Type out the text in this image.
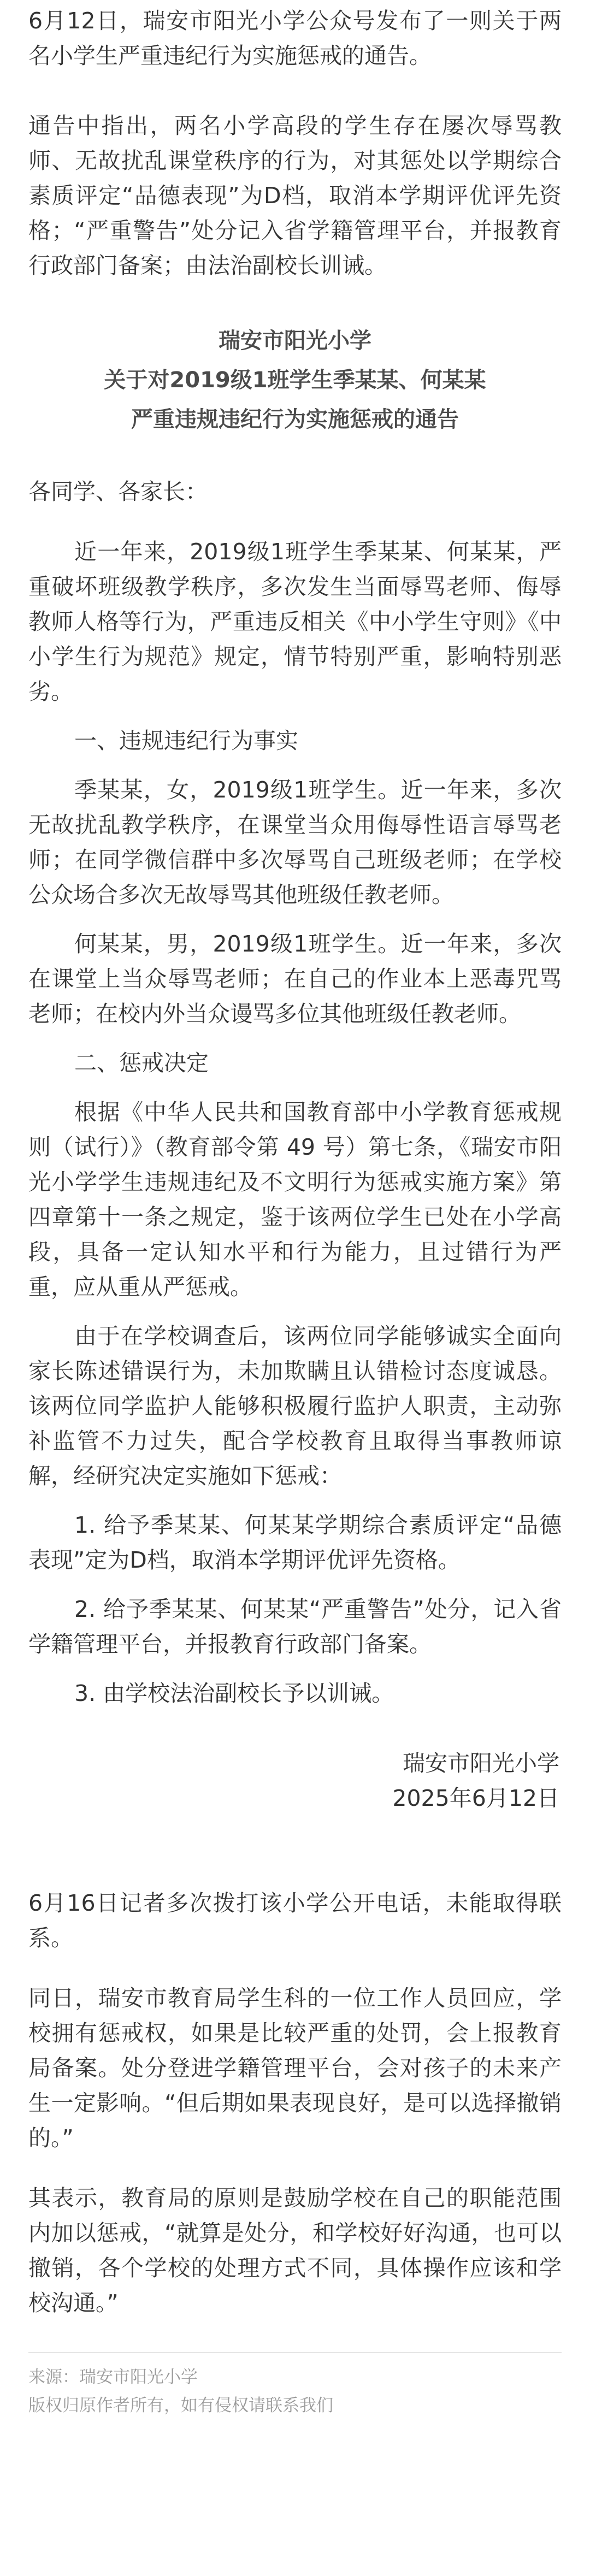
6月12日，瑞安市阳光小学公众号发布了一则关于两名小学生严重违纪行为实施惩戒的通告。

通告中指出，两名小学高段的学生存在屡次辱骂教师、无故扰乱课堂秩序的行为，对其惩处以学期综合素质评定“品德表现”为D档，取消本学期评优评先资格；“严重警告”处分记入省学籍管理平台，并报教育行政部门备案；由法治副校长训诫。

瑞安市阳光小学
关于对2019级1班学生季某某、何某某
严重违规违纪行为实施惩戒的通告

各同学、各家长：

近一年来，2019级1班学生季某某、何某某，严重破坏班级教学秩序，多次发生当面辱骂老师、侮辱教师人格等行为，严重违反相关《中小学生守则》《中小学生行为规范》规定，情节特别严重，影响特别恶劣。

一、违规违纪行为事实

季某某，女，2019级1班学生。近一年来，多次无故扰乱教学秩序，在课堂当众用侮辱性语言辱骂老师；在同学微信群中多次辱骂自己班级老师；在学校公众场合多次无故辱骂其他班级任教老师。

何某某，男，2019级1班学生。近一年来，多次在课堂上当众辱骂老师；在自己的作业本上恶毒咒骂老师；在校内外当众谩骂多位其他班级任教老师。

二、惩戒决定

根据《中华人民共和国教育部中小学教育惩戒规则（试行）》（教育部令第 49 号）第七条，《瑞安市阳光小学学生违规违纪及不文明行为惩戒实施方案》第四章第十一条之规定，鉴于该两位学生已处在小学高段，具备一定认知水平和行为能力，且过错行为严重，应从重从严惩戒。

由于在学校调查后，该两位同学能够诚实全面向家长陈述错误行为，未加欺瞒且认错检讨态度诚恳。该两位同学监护人能够积极履行监护人职责，主动弥补监管不力过失，配合学校教育且取得当事教师谅解，经研究决定实施如下惩戒：

1. 给予季某某、何某某学期综合素质评定“品德表现”定为D档，取消本学期评优评先资格。

2. 给予季某某、何某某“严重警告”处分，记入省学籍管理平台，并报教育行政部门备案。

3. 由学校法治副校长予以训诫。

瑞安市阳光小学

2025年6月12日

6月16日记者多次拨打该小学公开电话，未能取得联系。

同日，瑞安市教育局学生科的一位工作人员回应，学校拥有惩戒权，如果是比较严重的处罚，会上报教育局备案。处分登进学籍管理平台，会对孩子的未来产生一定影响。“但后期如果表现良好，是可以选择撤销的。”

其表示，教育局的原则是鼓励学校在自己的职能范围内加以惩戒，“就算是处分，和学校好好沟通，也可以撤销，各个学校的处理方式不同，具体操作应该和学校沟通。”

来源：瑞安市阳光小学

版权归原作者所有，如有侵权请联系我们
